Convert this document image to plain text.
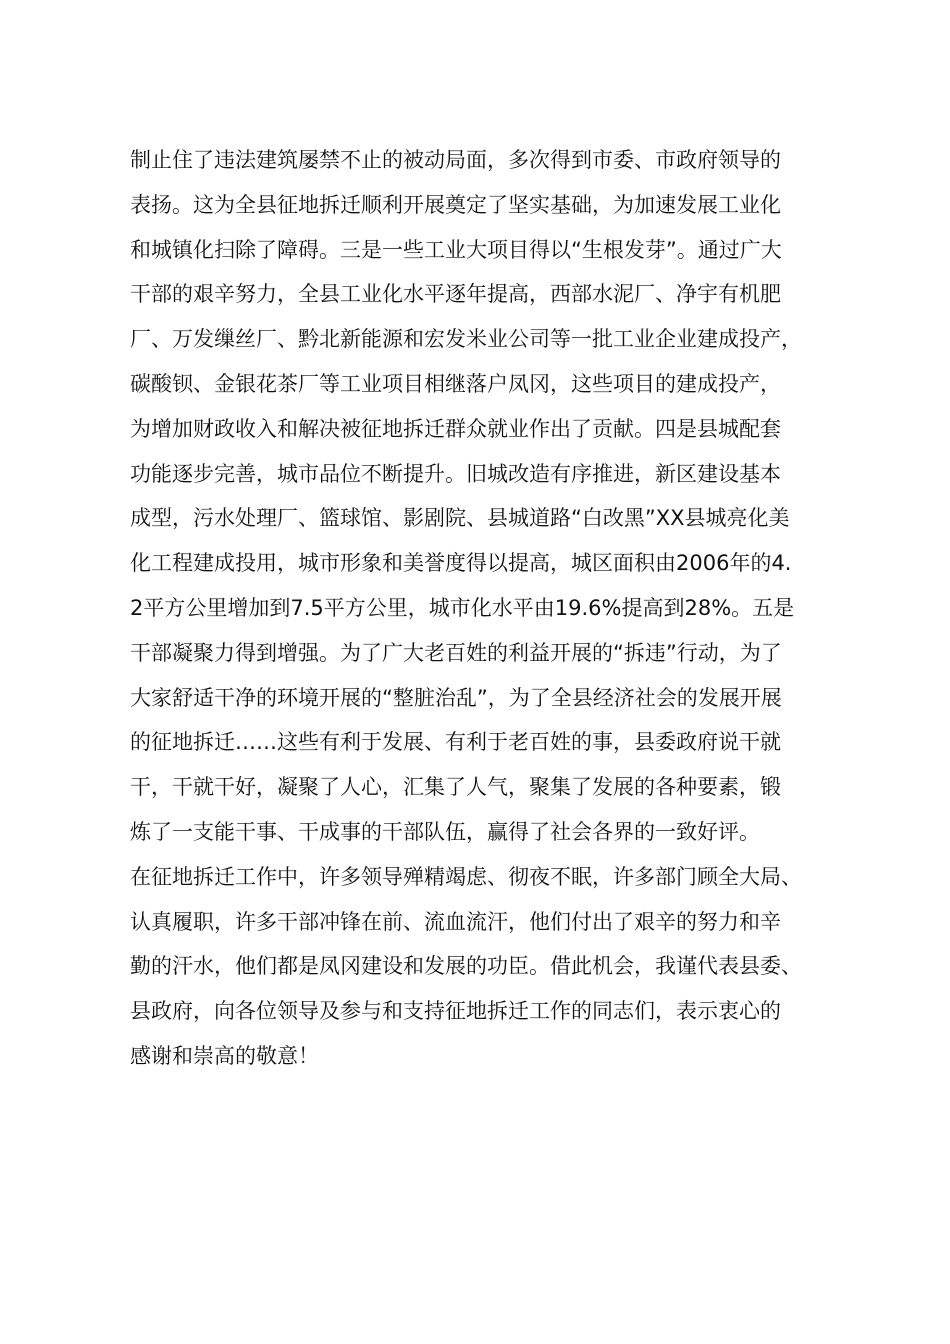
制止住了违法建筑屡禁不止的被动局面，多次得到市委、市政府领导的
表扬。这为全县征地拆迁顺利开展奠定了坚实基础，为加速发展工业化
和城镇化扫除了障碍。三是一些工业大项目得以“生根发芽”。通过广大
干部的艰辛努力，全县工业化水平逐年提高，西部水泥厂、净宇有机肥
厂、万发缫丝厂、黔北新能源和宏发米业公司等一批工业企业建成投产，
碳酸钡、金银花茶厂等工业项目相继落户凤冈，这些项目的建成投产，
为增加财政收入和解决被征地拆迁群众就业作出了贡献。四是县城配套
功能逐步完善，城市品位不断提升。旧城改造有序推进，新区建设基本
成型，污水处理厂、篮球馆、影剧院、县城道路“白改黑”XX县城亮化美
化工程建成投用，城市形象和美誉度得以提高，城区面积由2006年的4.
2平方公里增加到7.5平方公里，城市化水平由19.6%提高到28%。五是
干部凝聚力得到增强。为了广大老百姓的利益开展的“拆违”行动，为了
大家舒适干净的环境开展的“整脏治乱”，为了全县经济社会的发展开展
的征地拆迁……这些有利于发展、有利于老百姓的事，县委政府说干就
干，干就干好，凝聚了人心，汇集了人气，聚集了发展的各种要素，锻
炼了一支能干事、干成事的干部队伍，赢得了社会各界的一致好评。
在征地拆迁工作中，许多领导殚精竭虑、彻夜不眠，许多部门顾全大局、
认真履职，许多干部冲锋在前、流血流汗，他们付出了艰辛的努力和辛
勤的汗水，他们都是凤冈建设和发展的功臣。借此机会，我谨代表县委、
县政府，向各位领导及参与和支持征地拆迁工作的同志们，表示衷心的
感谢和崇高的敬意！
